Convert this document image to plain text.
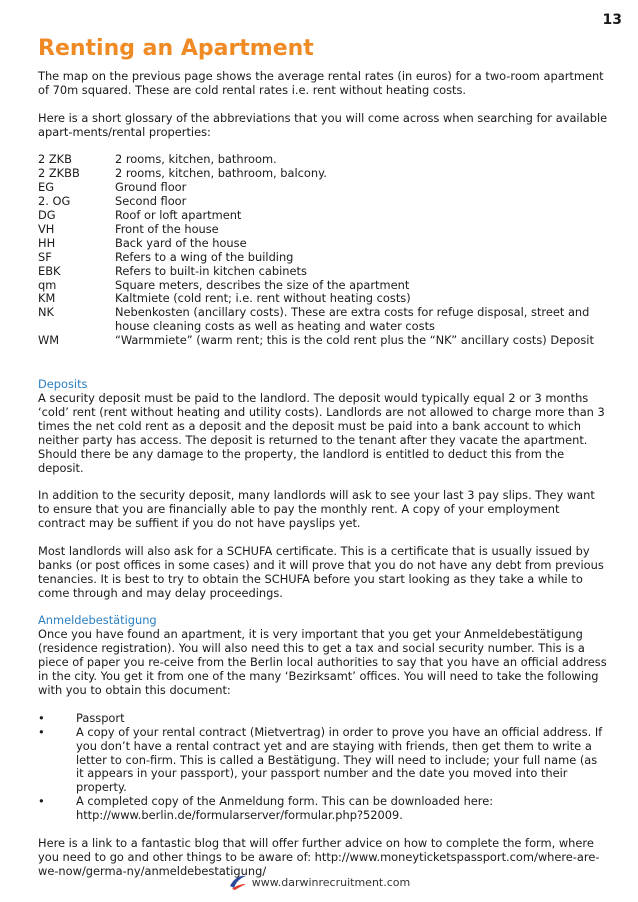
13
Renting an Apartment

The map on the previous page shows the average rental rates (in euros) for a two-room apartment of 70m squared. These are cold rental rates i.e. rent without heating costs.

Here is a short glossary of the abbreviations that you will come across when searching for available apart-ments/rental properties:

2 ZKB	2 rooms, kitchen, bathroom.
2 ZKBB	2 rooms, kitchen, bathroom, balcony.
EG	Ground floor
2. OG	Second floor
DG	Roof or loft apartment
VH	Front of the house
HH	Back yard of the house
SF	Refers to a wing of the building
EBK	Refers to built-in kitchen cabinets
qm	Square meters, describes the size of the apartment
KM	Kaltmiete (cold rent; i.e. rent without heating costs)
NK	Nebenkosten (ancillary costs). These are extra costs for refuge disposal, street and house cleaning costs as well as heating and water costs
WM	“Warmmiete” (warm rent; this is the cold rent plus the “NK” ancillary costs) Deposit
Deposits

A security deposit must be paid to the landlord. The deposit would typically equal 2 or 3 months ‘cold’ rent (rent without heating and utility costs). Landlords are not allowed to charge more than 3 times the net cold rent as a deposit and the deposit must be paid into a bank account to which neither party has access. The deposit is returned to the tenant after they vacate the apartment. Should there be any damage to the property, the landlord is entitled to deduct this from the deposit.

In addition to the security deposit, many landlords will ask to see your last 3 pay slips. They want to ensure that you are financially able to pay the monthly rent. A copy of your employment contract may be suffient if you do not have payslips yet.

Most landlords will also ask for a SCHUFA certificate. This is a certificate that is usually issued by banks (or post offices in some cases) and it will prove that you do not have any debt from previous tenancies. It is best to try to obtain the SCHUFA before you start looking as they take a while to come through and may delay proceedings.

Anmeldebestätigung

Once you have found an apartment, it is very important that you get your Anmeldebestätigung (residence registration). You will also need this to get a tax and social security number. This is a piece of paper you re-ceive from the Berlin local authorities to say that you have an official address in the city. You get it from one of the many ‘Bezirksamt’ offices. You will need to take the following with you to obtain this document:

•	Passport
•	A copy of your rental contract (Mietvertrag) in order to prove you have an official address. If you don’t have a rental contract yet and are staying with friends, then get them to write a letter to con-firm. This is called a Bestätigung. They will need to include; your full name (as it appears in your passport), your passport number and the date you moved into their property.
•	A completed copy of the Anmeldung form. This can be downloaded here: http://www.berlin.de/formularserver/formular.php?52009.

Here is a link to a fantastic blog that will offer further advice on how to complete the form, where you need to go and other things to be aware of: http://www.moneyticketspassport.com/where-are-we-now/germa-ny/anmeldebestatigung/

www.darwinrecruitment.com
